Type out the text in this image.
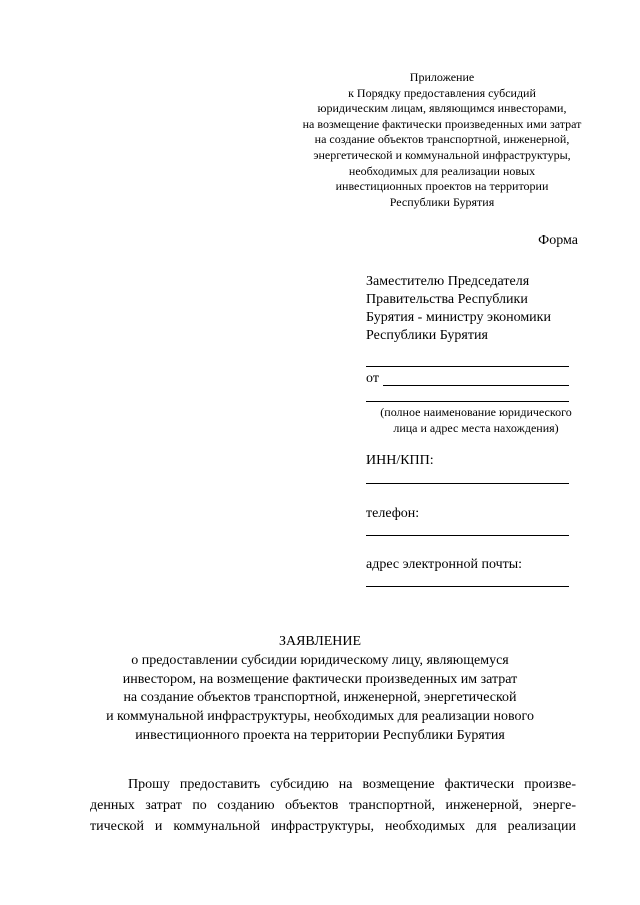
Приложение
к Порядку предоставления субсидий
юридическим лицам, являющимся инвесторами,
на возмещение фактически произведенных ими затрат
на создание объектов транспортной, инженерной,
энергетической и коммунальной инфраструктуры,
необходимых для реализации новых
инвестиционных проектов на территории
Республики Бурятия
Форма
Заместителю Председателя
Правительства Республики
Бурятия - министру экономики
Республики Бурятия
от
(полное наименование юридического
лица и адрес места нахождения)
ИНН/КПП:
телефон:
адрес электронной почты:
ЗАЯВЛЕНИЕ
о предоставлении субсидии юридическому лицу, являющемуся
инвестором, на возмещение фактически произведенных им затрат
на создание объектов транспортной, инженерной, энергетической
и коммунальной инфраструктуры, необходимых для реализации нового
инвестиционного проекта на территории Республики Бурятия
Прошу предоставить субсидию на возмещение фактически произве-
денных затрат по созданию объектов транспортной, инженерной, энерге-
тической и коммунальной инфраструктуры, необходимых для реализации
